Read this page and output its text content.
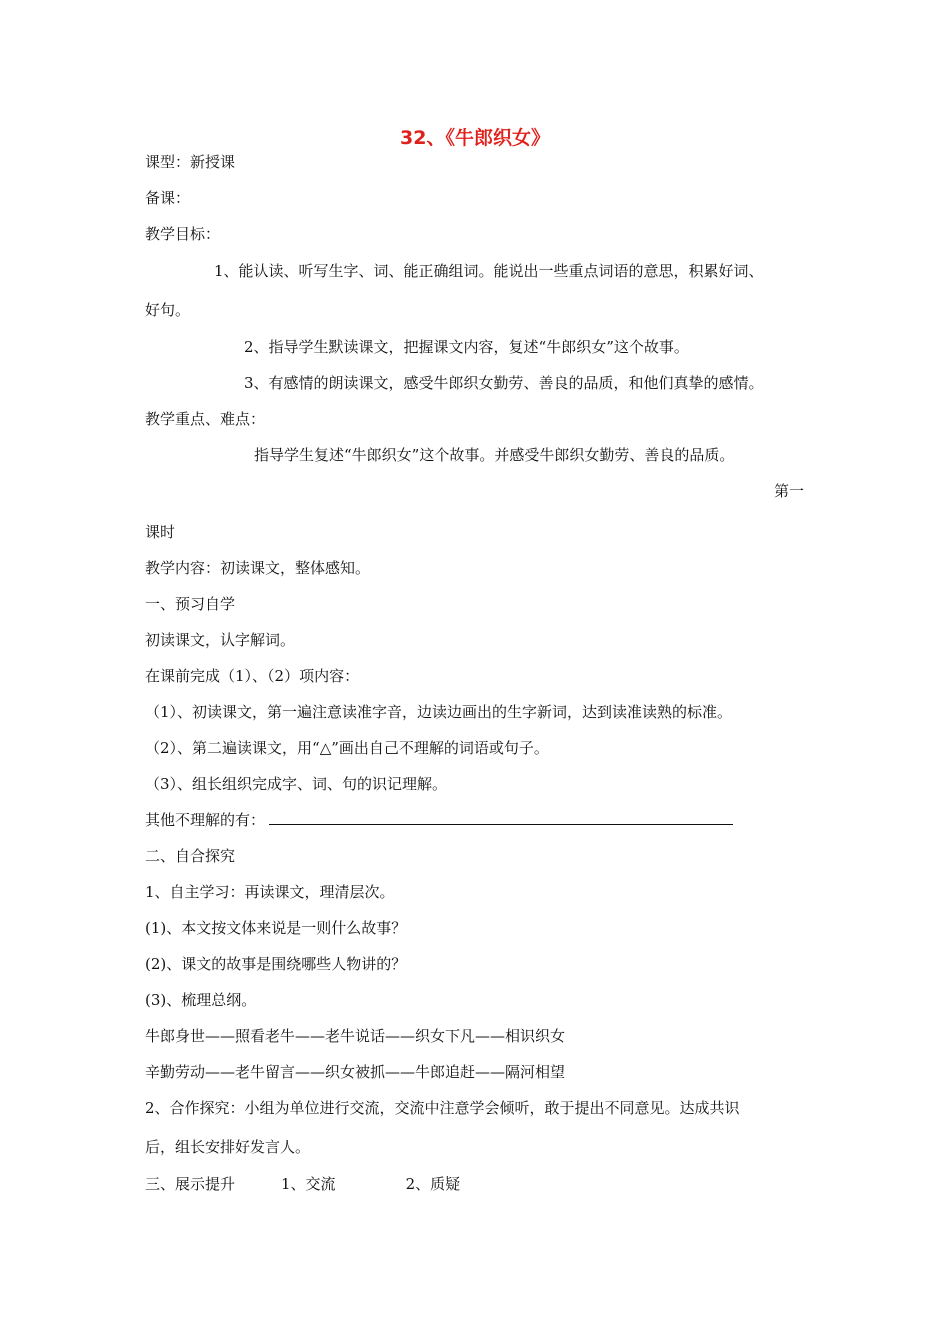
32、《牛郎织女》
课型：新授课
备课：
教学目标：
1、能认读、听写生字、词、能正确组词。能说出一些重点词语的意思，积累好词、
好句。
2、指导学生默读课文，把握课文内容，复述“牛郎织女”这个故事。
3、有感情的朗读课文，感受牛郎织女勤劳、善良的品质，和他们真挚的感情。
教学重点、难点：
指导学生复述“牛郎织女”这个故事。并感受牛郎织女勤劳、善良的品质。
第一
课时
教学内容：初读课文，整体感知。
一、预习自学
初读课文，认字解词。
在课前完成（1）、（2）项内容：
（1）、初读课文，第一遍注意读准字音，边读边画出的生字新词，达到读准读熟的标准。
（2）、第二遍读课文，用“△”画出自己不理解的词语或句子。
（3）、组长组织完成字、词、句的识记理解。
其他不理解的有：
二、自合探究
1、自主学习：再读课文，理清层次。
(1)、本文按文体来说是一则什么故事？
(2)、课文的故事是围绕哪些人物讲的？
(3)、梳理总纲。
牛郎身世——照看老牛——老牛说话——织女下凡——相识织女
辛勤劳动——老牛留言——织女被抓——牛郎追赶——隔河相望
2、合作探究：小组为单位进行交流，交流中注意学会倾听，敢于提出不同意见。达成共识
后，组长安排好发言人。
三、展示提升	1、交流	2、质疑
